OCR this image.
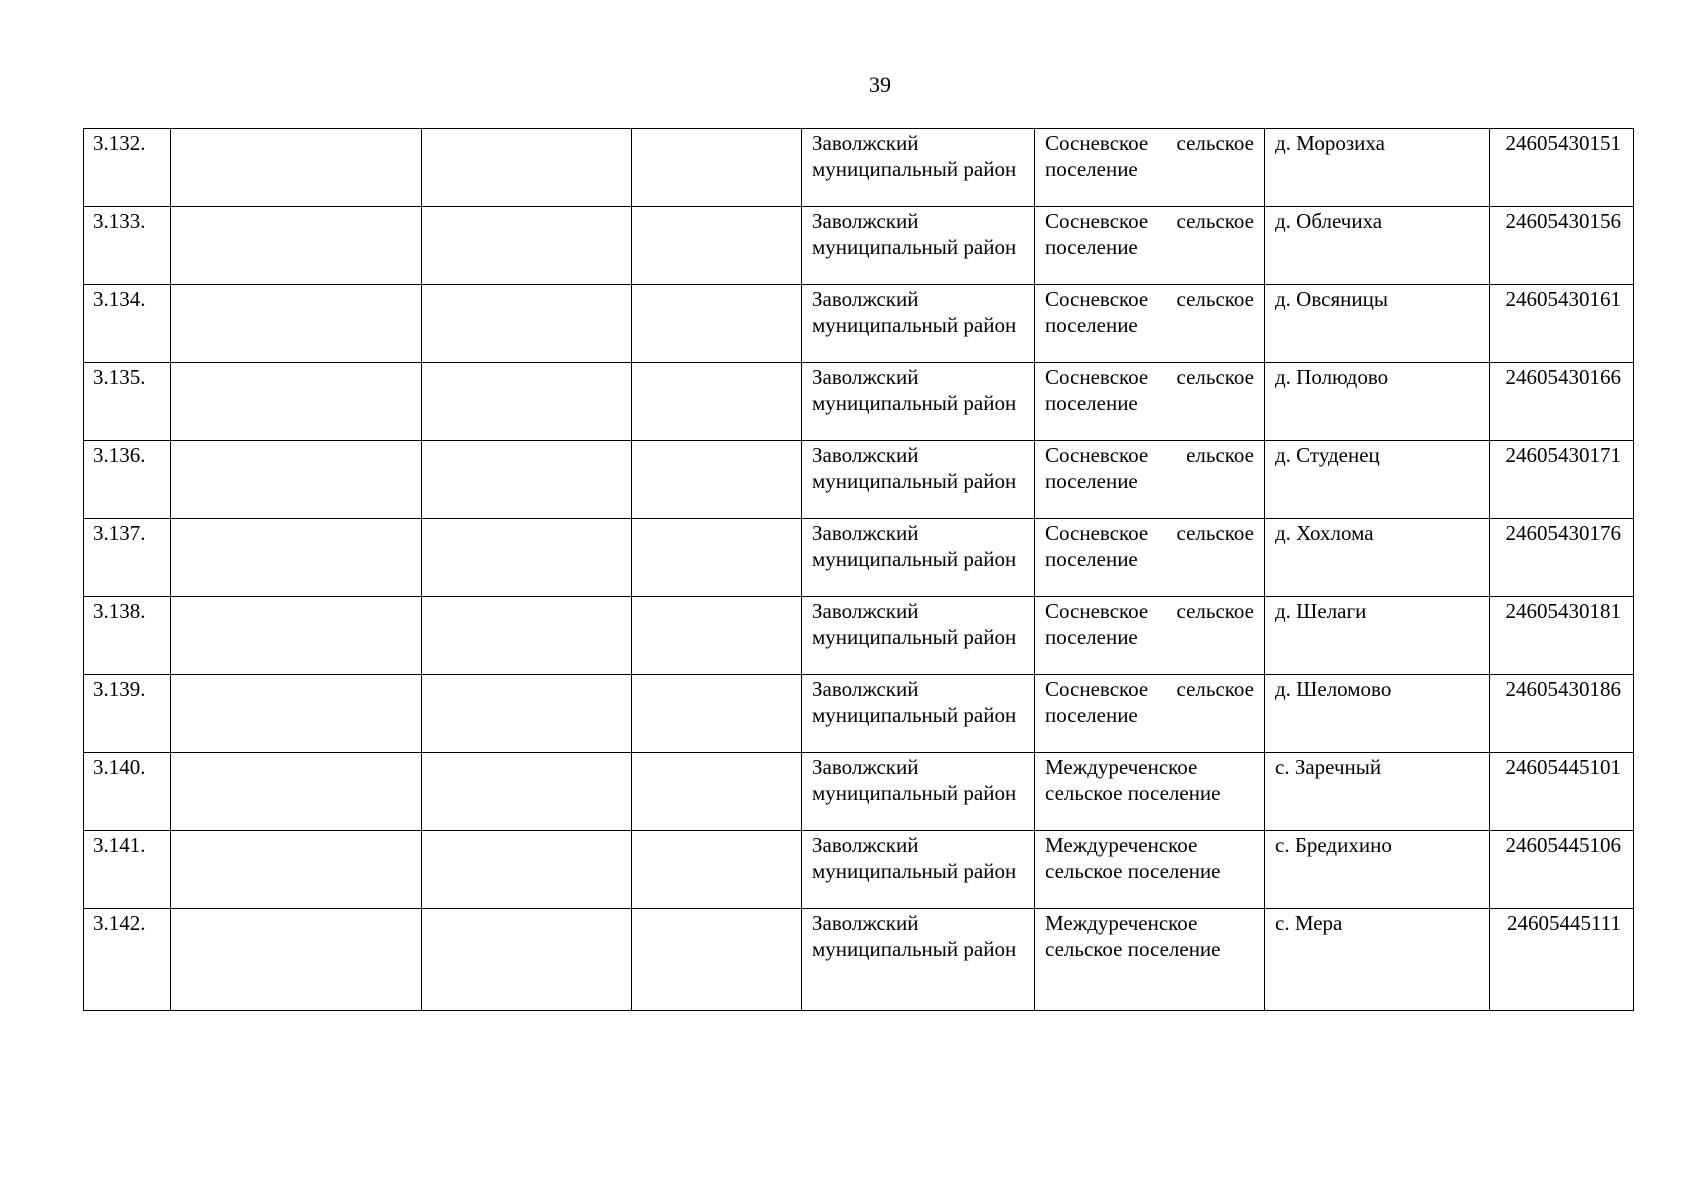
39
3.132.				Заволжский муниципальный район	Сосневское сельское поселение	д. Морозиха	24605430151
3.133.				Заволжский муниципальный район	Сосневское сельское поселение	д. Облечиха	24605430156
3.134.				Заволжский муниципальный район	Сосневское сельское поселение	д. Овсяницы	24605430161
3.135.				Заволжский муниципальный район	Сосневское сельское поселение	д. Полюдово	24605430166
3.136.				Заволжский муниципальный район	Сосневское ельское поселение	д. Студенец	24605430171
3.137.				Заволжский муниципальный район	Сосневское сельское поселение	д. Хохлома	24605430176
3.138.				Заволжский муниципальный район	Сосневское сельское поселение	д. Шелаги	24605430181
3.139.				Заволжский муниципальный район	Сосневское сельское поселение	д. Шеломово	24605430186
3.140.				Заволжский муниципальный район	Междуреченское сельское поселение	с. Заречный	24605445101
3.141.				Заволжский муниципальный район	Междуреченское сельское поселение	с. Бредихино	24605445106
3.142.				Заволжский муниципальный район	Междуреченское сельское поселение	с. Мера	24605445111
